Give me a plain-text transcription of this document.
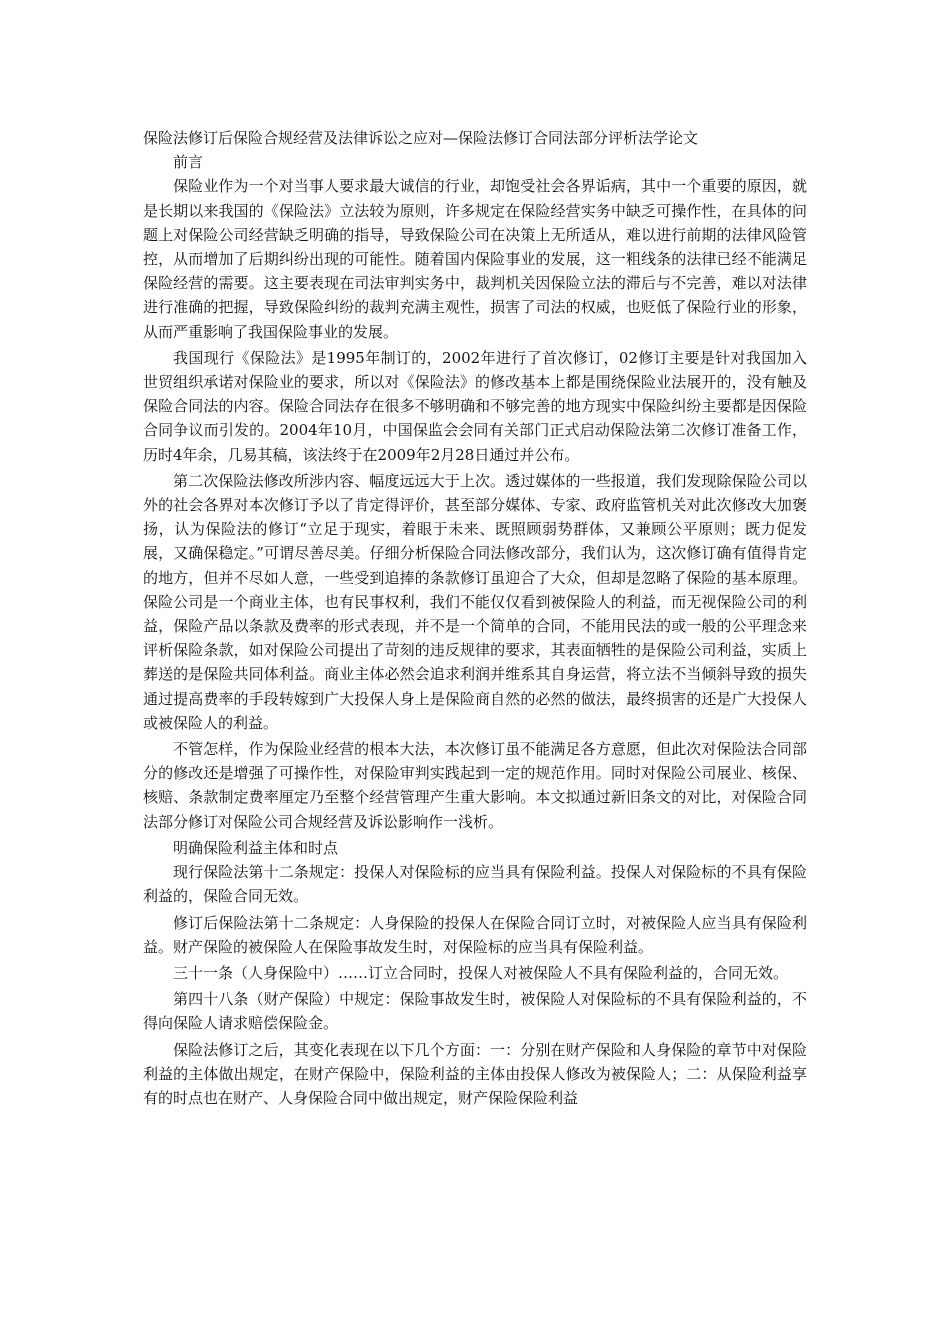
保险法修订后保险合规经营及法律诉讼之应对—保险法修订合同法部分评析法学论文

前言

保险业作为一个对当事人要求最大诚信的行业，却饱受社会各界诟病，其中一个重要的原因，就是长期以来我国的《保险法》立法较为原则，许多规定在保险经营实务中缺乏可操作性，在具体的问题上对保险公司经营缺乏明确的指导，导致保险公司在决策上无所适从，难以进行前期的法律风险管控，从而增加了后期纠纷出现的可能性。随着国内保险事业的发展，这一粗线条的法律已经不能满足保险经营的需要。这主要表现在司法审判实务中，裁判机关因保险立法的滞后与不完善，难以对法律进行准确的把握，导致保险纠纷的裁判充满主观性，损害了司法的权威，也贬低了保险行业的形象，从而严重影响了我国保险事业的发展。

我国现行《保险法》是1995年制订的，2002年进行了首次修订，02修订主要是针对我国加入世贸组织承诺对保险业的要求，所以对《保险法》的修改基本上都是围绕保险业法展开的，没有触及保险合同法的内容。保险合同法存在很多不够明确和不够完善的地方现实中保险纠纷主要都是因保险合同争议而引发的。2004年10月，中国保监会会同有关部门正式启动保险法第二次修订准备工作，历时4年余，几易其稿，该法终于在2009年2月28日通过并公布。

第二次保险法修改所涉内容、幅度远远大于上次。透过媒体的一些报道，我们发现除保险公司以外的社会各界对本次修订予以了肯定得评价，甚至部分媒体、专家、政府监管机关对此次修改大加褒扬，认为保险法的修订“立足于现实，着眼于未来、既照顾弱势群体，又兼顾公平原则；既力促发展，又确保稳定。”可谓尽善尽美。仔细分析保险合同法修改部分，我们认为，这次修订确有值得肯定的地方，但并不尽如人意，一些受到追捧的条款修订虽迎合了大众，但却是忽略了保险的基本原理。保险公司是一个商业主体，也有民事权利，我们不能仅仅看到被保险人的利益，而无视保险公司的利益，保险产品以条款及费率的形式表现，并不是一个简单的合同，不能用民法的或一般的公平理念来评析保险条款，如对保险公司提出了苛刻的违反规律的要求，其表面牺牲的是保险公司利益，实质上葬送的是保险共同体利益。商业主体必然会追求利润并维系其自身运营，将立法不当倾斜导致的损失通过提高费率的手段转嫁到广大投保人身上是保险商自然的必然的做法，最终损害的还是广大投保人或被保险人的利益。

不管怎样，作为保险业经营的根本大法，本次修订虽不能满足各方意愿，但此次对保险法合同部分的修改还是增强了可操作性，对保险审判实践起到一定的规范作用。同时对保险公司展业、核保、核赔、条款制定费率厘定乃至整个经营管理产生重大影响。本文拟通过新旧条文的对比，对保险合同法部分修订对保险公司合规经营及诉讼影响作一浅析。

明确保险利益主体和时点

现行保险法第十二条规定：投保人对保险标的应当具有保险利益。投保人对保险标的不具有保险利益的，保险合同无效。

修订后保险法第十二条规定：人身保险的投保人在保险合同订立时，对被保险人应当具有保险利益。财产保险的被保险人在保险事故发生时，对保险标的应当具有保险利益。

三十一条（人身保险中）……订立合同时，投保人对被保险人不具有保险利益的，合同无效。

第四十八条（财产保险）中规定：保险事故发生时，被保险人对保险标的不具有保险利益的，不得向保险人请求赔偿保险金。

保险法修订之后，其变化表现在以下几个方面：一：分别在财产保险和人身保险的章节中对保险利益的主体做出规定，在财产保险中，保险利益的主体由投保人修改为被保险人；二：从保险利益享有的时点也在财产、人身保险合同中做出规定，财产保险保险利益
